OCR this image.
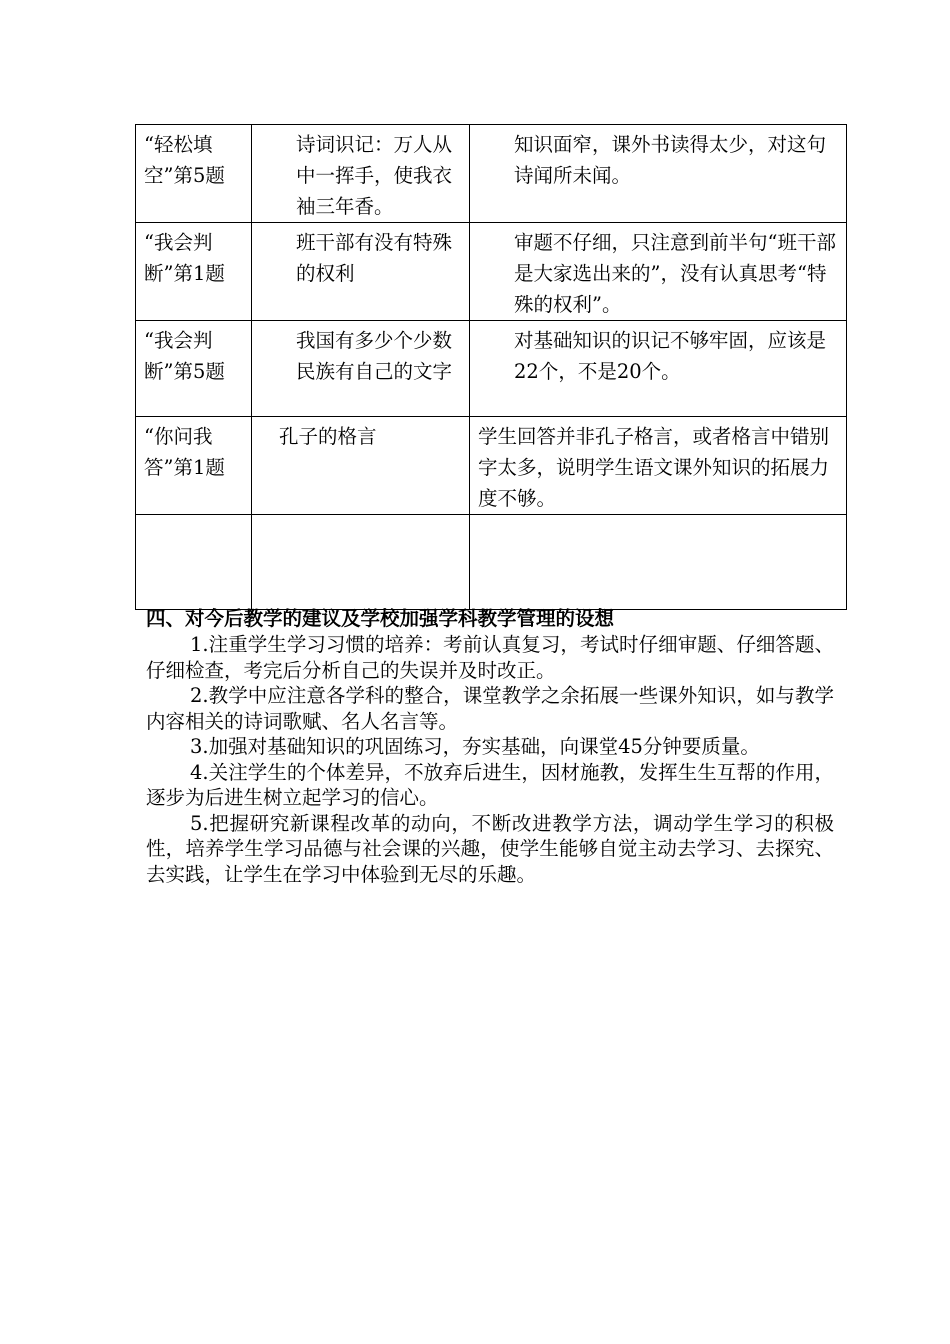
“轻松填空”第5题	诗词识记：万人从中一挥手，使我衣袖三年香。	知识面窄，课外书读得太少，对这句诗闻所未闻。

“我会判断”第1题	班干部有没有特殊的权利	审题不仔细，只注意到前半句“班干部是大家选出来的”，没有认真思考“特殊的权利”。

“我会判断”第5题	我国有多少个少数民族有自己的文字	对基础知识的识记不够牢固，应该是22个，不是20个。

“你问我答”第1题	孔子的格言	学生回答并非孔子格言，或者格言中错别字太多，说明学生语文课外知识的拓展力度不够。

四、对今后教学的建议及学校加强学科教学管理的设想

1.注重学生学习习惯的培养：考前认真复习，考试时仔细审题、仔细答题、仔细检查，考完后分析自己的失误并及时改正。

2.教学中应注意各学科的整合，课堂教学之余拓展一些课外知识，如与教学内容相关的诗词歌赋、名人名言等。

3.加强对基础知识的巩固练习，夯实基础，向课堂45分钟要质量。

4.关注学生的个体差异，不放弃后进生，因材施教，发挥生生互帮的作用，逐步为后进生树立起学习的信心。

5.把握研究新课程改革的动向，不断改进教学方法，调动学生学习的积极性，培养学生学习品德与社会课的兴趣，使学生能够自觉主动去学习、去探究、去实践，让学生在学习中体验到无尽的乐趣。
